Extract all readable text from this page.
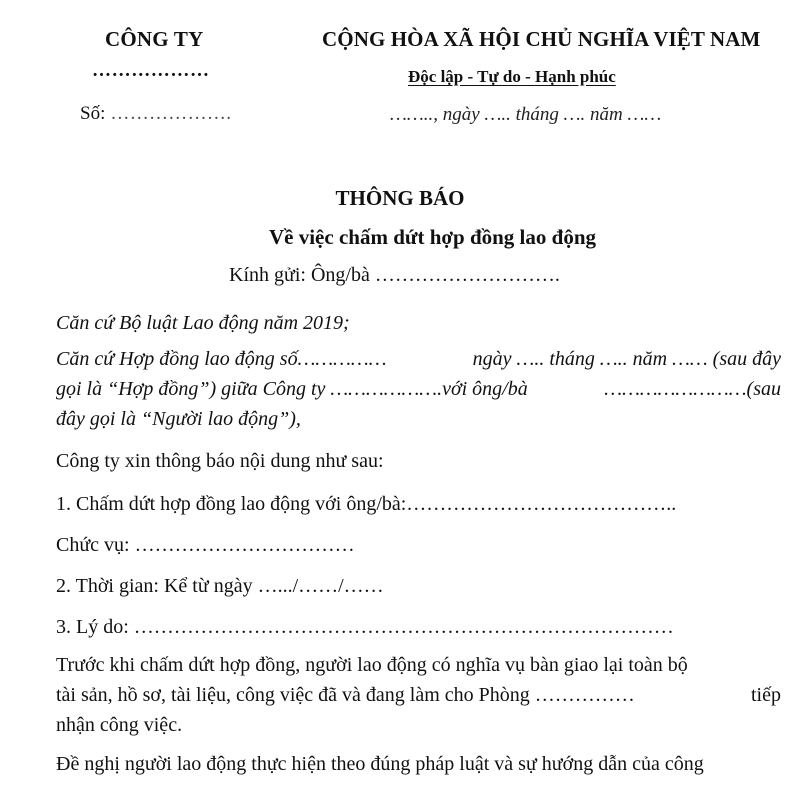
CÔNG TY
………………
Số: ……………….
CỘNG HÒA XÃ HỘI CHỦ NGHĨA VIỆT NAM
Độc lập - Tự do - Hạnh phúc
…….., ngày ….. tháng …. năm ……
THÔNG BÁO
Về việc chấm dứt hợp đồng lao động
Kính gửi: Ông/bà ……………………….
Căn cứ Bộ luật Lao động năm 2019;
Căn cứ Hợp đồng lao động số……………	ngày ….. tháng ….. năm …… (sau đây
gọi là “Hợp đồng”) giữa Công ty ……………….với ông/bà	……………………(sau
đây gọi là “Người lao động”),
Công ty xin thông báo nội dung như sau:
1. Chấm dứt hợp đồng lao động với ông/bà:…………………………………..
Chức vụ: ……………………………
2. Thời gian: Kể từ ngày ….../……/……
3. Lý do: ………………………………………………………………………
Trước khi chấm dứt hợp đồng, người lao động có nghĩa vụ bàn giao lại toàn bộ
tài sản, hồ sơ, tài liệu, công việc đã và đang làm cho Phòng ……………	tiếp
nhận công việc.
Đề nghị người lao động thực hiện theo đúng pháp luật và sự hướng dẫn của công
